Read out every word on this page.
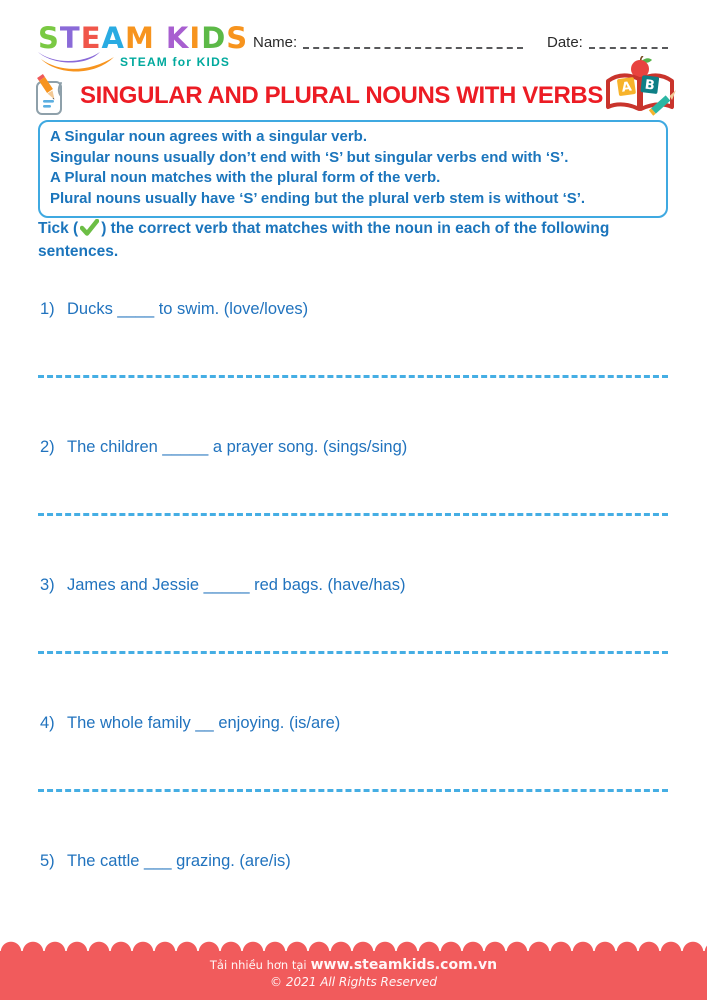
STEAM KIDS
STEAM for KIDS
Name:	Date:
SINGULAR AND PLURAL NOUNS WITH VERBS A B
A Singular noun agrees with a singular verb.
Singular nouns usually don’t end with ‘S’ but singular verbs end with ‘S’.
A Plural noun matches with the plural form of the verb.
Plural nouns usually have ‘S’ ending but the plural verb stem is without ‘S’.
Tick ( ) the correct verb that matches with the noun in each of the following sentences.
1) Ducks ____ to swim. (love/loves)
2) The children _____ a prayer song. (sings/sing)
3) James and Jessie _____ red bags. (have/has)
4) The whole family __ enjoying. (is/are)
5) The cattle ___ grazing. (are/is)
Tải nhiều hơn tại www.steamkids.com.vn
© 2021 All Rights Reserved
